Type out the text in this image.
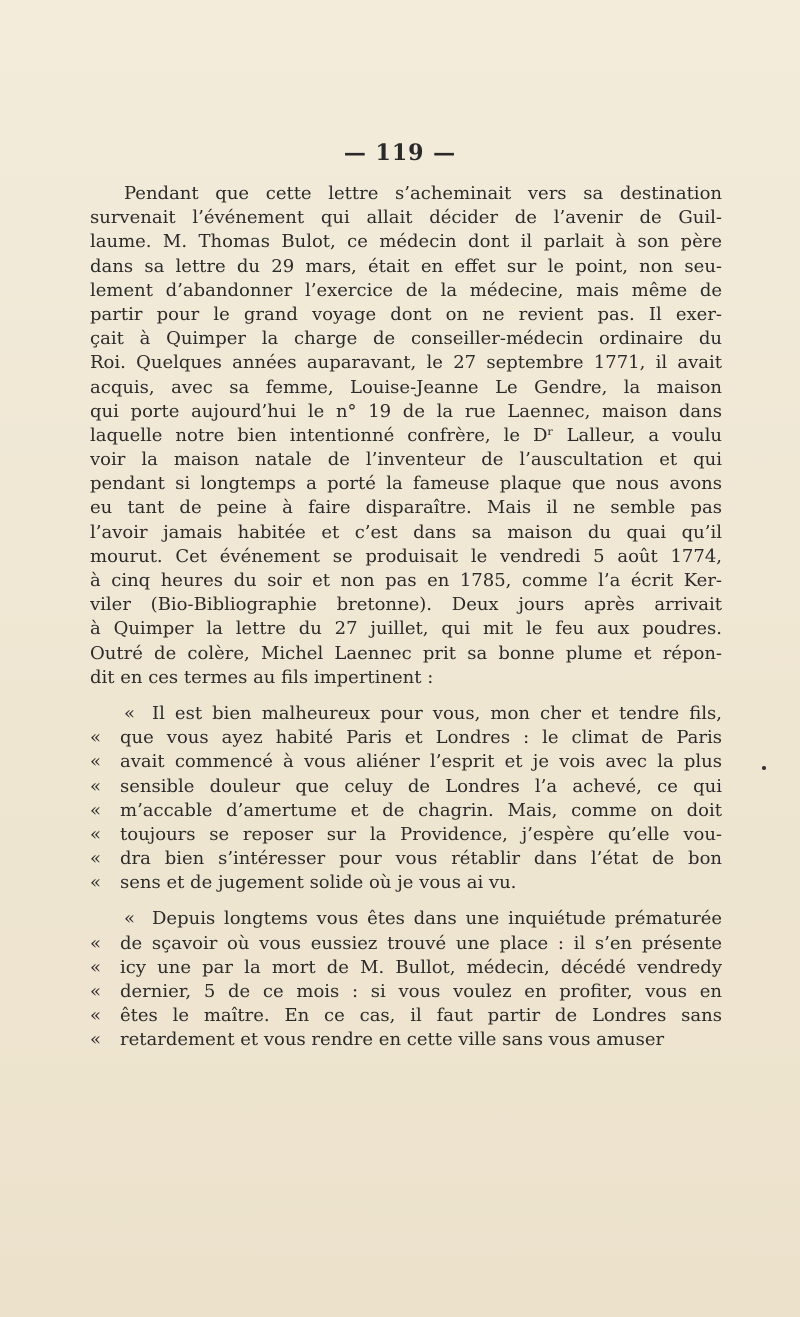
— 119 —
Pendant que cette lettre s’acheminait vers sa destination
survenait l’événement qui allait décider de l’avenir de Guil-
laume. M. Thomas Bulot, ce médecin dont il parlait à son père
dans sa lettre du 29 mars, était en effet sur le point, non seu-
lement d’abandonner l’exercice de la médecine, mais même de
partir pour le grand voyage dont on ne revient pas. Il exer-
çait à Quimper la charge de conseiller-médecin ordinaire du
Roi. Quelques années auparavant, le 27 septembre 1771, il avait
acquis, avec sa femme, Louise-Jeanne Le Gendre, la maison
qui porte aujourd’hui le n° 19 de la rue Laennec, maison dans
laquelle notre bien intentionné confrère, le Dʳ Lalleur, a voulu
voir la maison natale de l’inventeur de l’auscultation et qui
pendant si longtemps a porté la fameuse plaque que nous avons
eu tant de peine à faire disparaître. Mais il ne semble pas
l’avoir jamais habitée et c’est dans sa maison du quai qu’il
mourut. Cet événement se produisait le vendredi 5 août 1774,
à cinq heures du soir et non pas en 1785, comme l’a écrit Ker-
viler (Bio-Bibliographie bretonne). Deux jours après arrivait
à Quimper la lettre du 27 juillet, qui mit le feu aux poudres.
Outré de colère, Michel Laennec prit sa bonne plume et répon-
dit en ces termes au fils impertinent :
« Il est bien malheureux pour vous, mon cher et tendre fils,
«	que vous ayez habité Paris et Londres : le climat de Paris
«	avait commencé à vous aliéner l’esprit et je vois avec la plus
«	sensible douleur que celuy de Londres l’a achevé, ce qui
«	m’accable d’amertume et de chagrin. Mais, comme on doit
«	toujours se reposer sur la Providence, j’espère qu’elle vou-
«	dra bien s’intéresser pour vous rétablir dans l’état de bon
«	sens et de jugement solide où je vous ai vu.
« Depuis longtems vous êtes dans une inquiétude prématurée
«	de sçavoir où vous eussiez trouvé une place : il s’en présente
«	icy une par la mort de M. Bullot, médecin, décédé vendredy
«	dernier, 5 de ce mois : si vous voulez en profiter, vous en
«	êtes le maître. En ce cas, il faut partir de Londres sans
«	retardement et vous rendre en cette ville sans vous amuser
